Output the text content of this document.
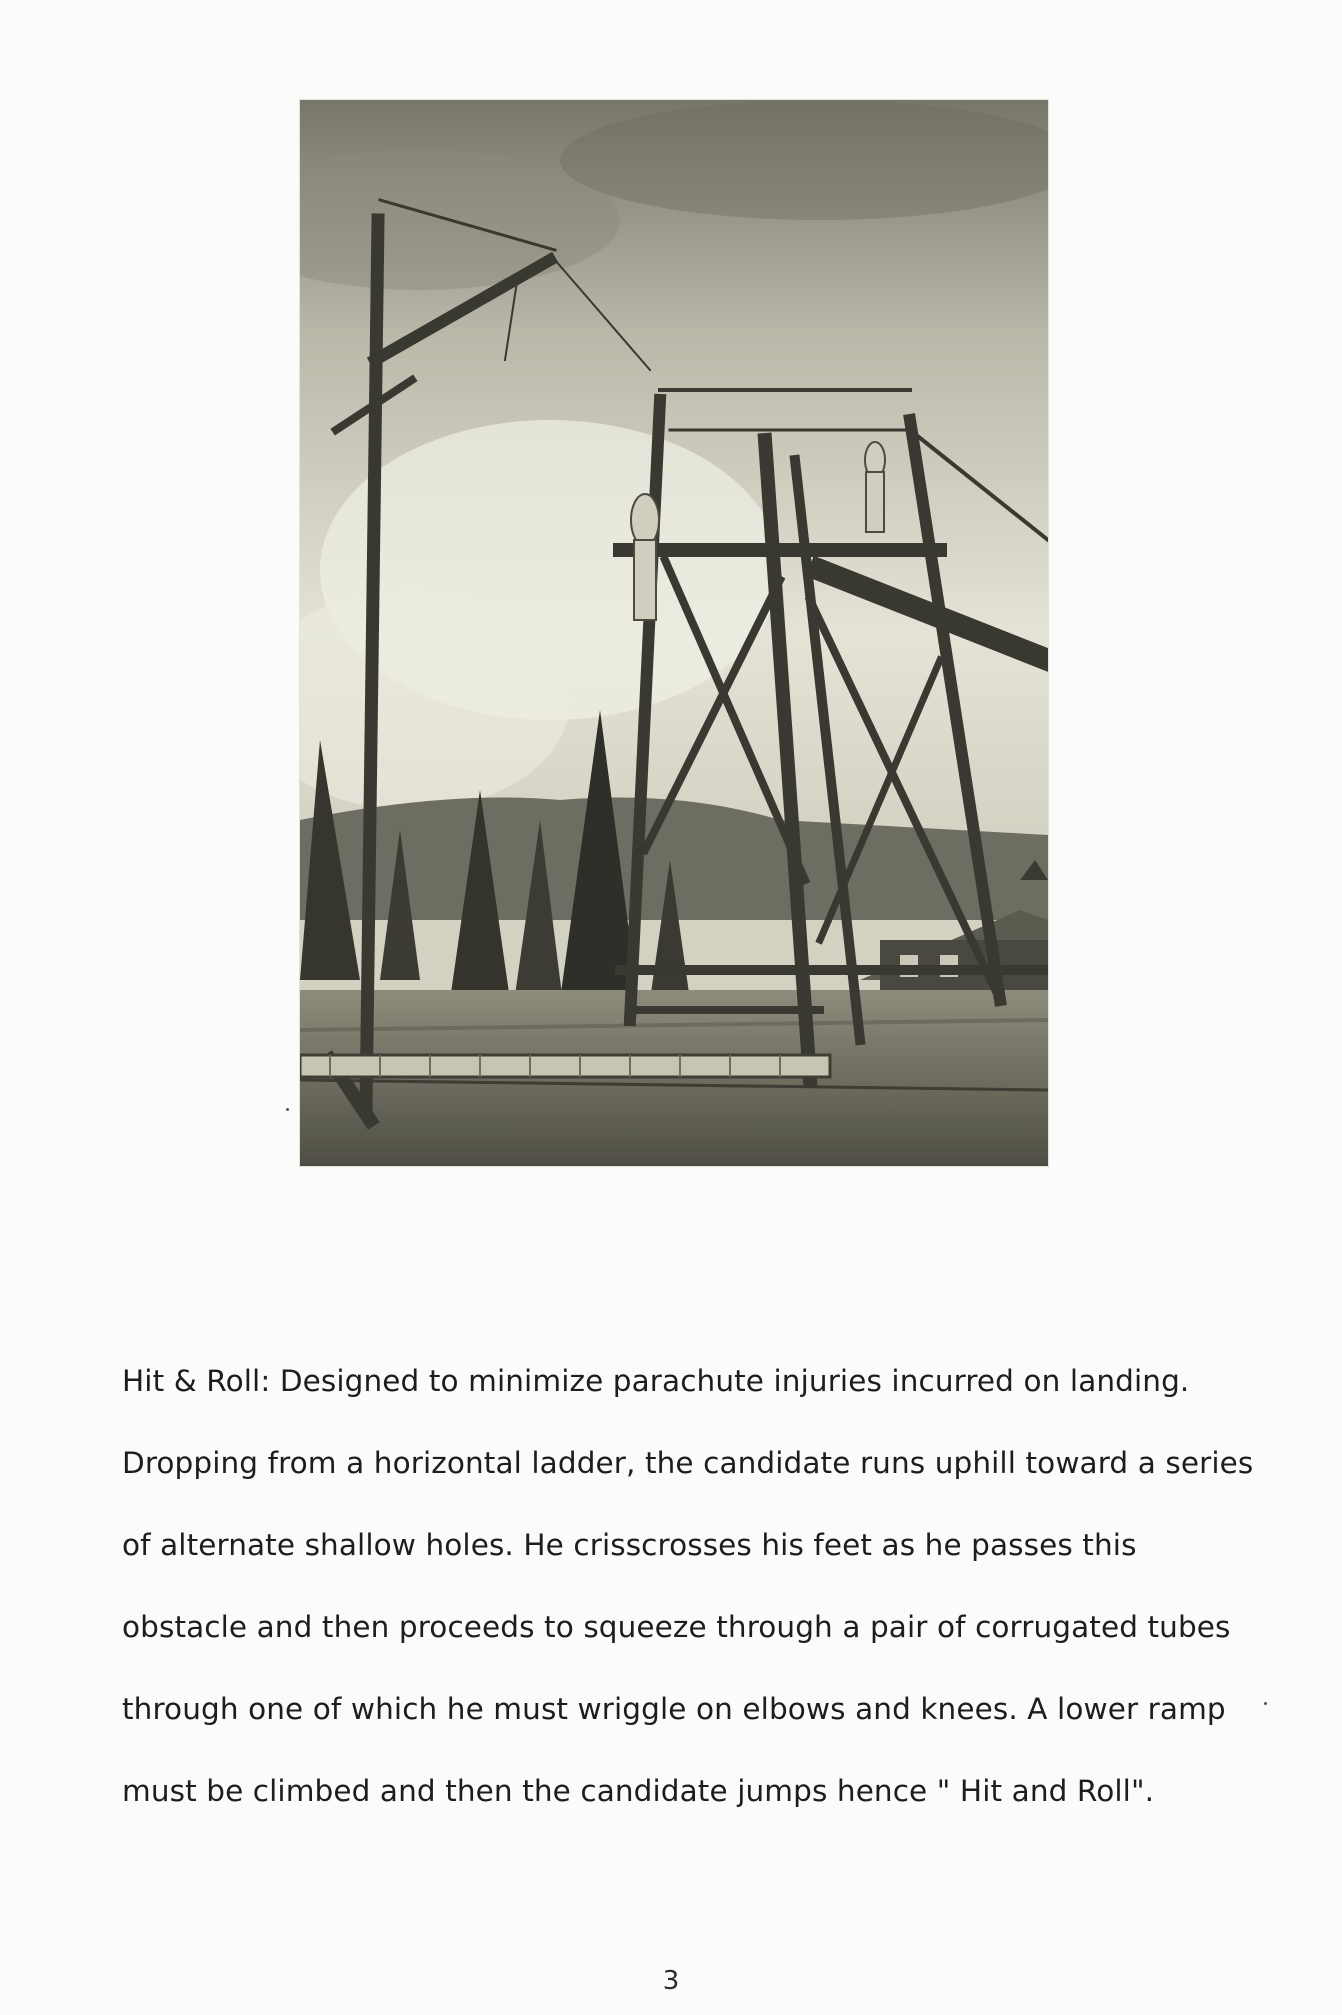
Hit & Roll: Designed to minimize parachute injuries incurred on landing. Dropping from a horizontal ladder, the candidate runs uphill toward a series of alternate shallow holes. He crisscrosses his feet as he passes this obstacle and then proceeds to squeeze through a pair of corrugated tubes through one of which he must wriggle on elbows and knees. A lower ramp must be climbed and then the candidate jumps hence " Hit and Roll".

3
